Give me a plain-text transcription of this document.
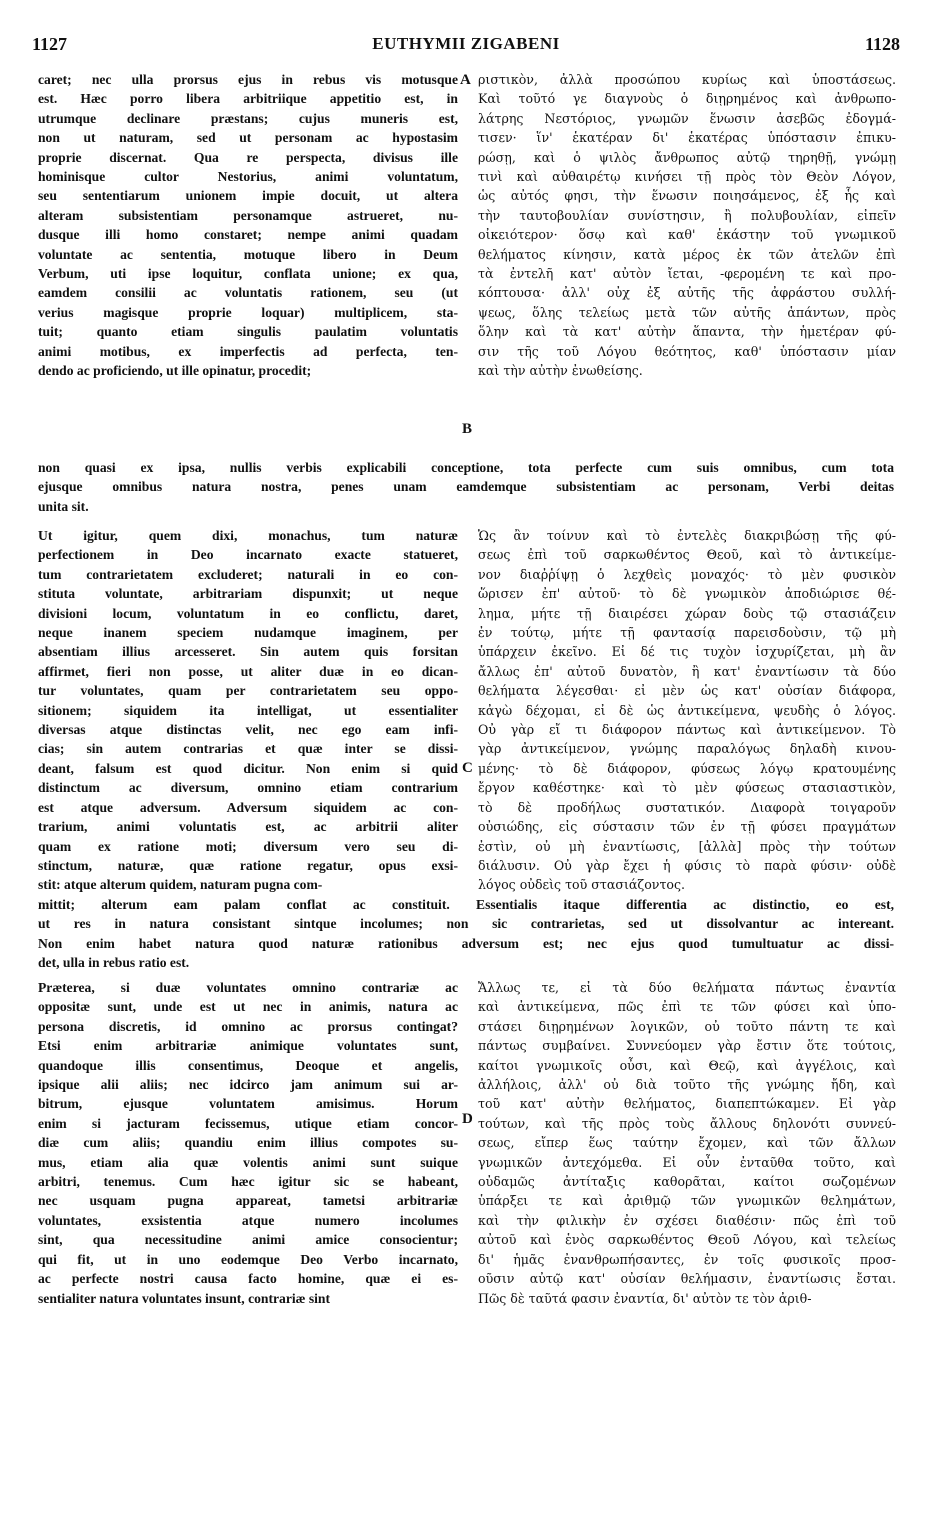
1127	EUTHYMII ZIGABENI	1128
caret; nec ulla prorsus ejus in rebus vis motusque
est. Hæc porro libera arbitriique appetitio est, in
utrumque declinare præstans; cujus muneris est,
non ut naturam, sed ut personam ac hypostasim
proprie discernat. Qua re perspecta, divisus ille
hominisque cultor Nestorius, animi voluntatum,
seu sententiarum unionem impie docuit, ut altera
alteram subsistentiam personamque astrueret, nu-
dusque illi homo constaret; nempe animi quadam
voluntate ac sententia, motuque libero in Deum
Verbum, uti ipse loquitur, conflata unione; ex qua,
eamdem consilii ac voluntatis rationem, seu (ut
verius magisque proprie loquar) multiplicem, sta-
tuit; quanto etiam singulis paulatim voluntatis
animi motibus, ex imperfectis ad perfecta, ten-
dendo ac proficiendo, ut ille opinatur, procedit;
ριστικὸν, ἀλλὰ προσώπου κυρίως καὶ ὑποστάσεως.
Καὶ τοῦτό γε διαγνοὺς ὁ διῃρημένος καὶ ἀνθρωπο-
λάτρης Νεστόριος, γνωμῶν ἕνωσιν ἀσεβῶς ἐδογμά-
τισεν· ἵν' ἑκατέραν δι' ἑκατέρας ὑπόστασιν ἐπικυ-
ρώσῃ, καὶ ὁ ψιλὸς ἄνθρωπος αὐτῷ τηρηθῇ, γνώμῃ
τινὶ καὶ αὐθαιρέτῳ κινήσει τῇ πρὸς τὸν Θεὸν Λόγον,
ὡς αὐτός φησι, τὴν ἕνωσιν ποιησάμενος, ἐξ ἧς καὶ
τὴν ταυτοβουλίαν συνίστησιν, ἢ πολυβουλίαν, εἰπεῖν
οἰκειότερον· ὅσῳ καὶ καθ' ἑκάστην τοῦ γνωμικοῦ
θελήματος κίνησιν, κατὰ μέρος ἐκ τῶν ἀτελῶν ἐπὶ
τὰ ἐντελῆ κατ' αὐτὸν ἴεται, -φερομένη τε καὶ προ-
κόπτουσα· ἀλλ' οὐχ ἐξ αὐτῆς τῆς ἀφράστου συλλή-
ψεως, ὅλης τελείως μετὰ τῶν αὐτῆς ἁπάντων, πρὸς
ὅλην καὶ τὰ κατ' αὐτὴν ἅπαντα, τὴν ἡμετέραν φύ-
σιν τῆς τοῦ Λόγου θεότητος, καθ' ὑπόστασιν μίαν
καὶ τὴν αὐτὴν ἐνωθείσης.
non quasi ex ipsa, nullis verbis explicabili conceptione, tota perfecte cum suis omnibus, cum tota
ejusque omnibus natura nostra, penes unam eamdemque subsistentiam ac personam, Verbi deitas
unita sit.
Ut igitur, quem dixi, monachus, tum naturæ
perfectionem in Deo incarnato exacte statueret,
tum contrarietatem excluderet; naturali in eo con-
stituta voluntate, arbitrariam dispunxit; ut neque
divisioni locum, voluntatum in eo conflictu, daret,
neque inanem speciem nudamque imaginem, per
absentiam illius arcesseret. Sin autem quis forsitan
affirmet, fieri non posse, ut aliter duæ in eo dican-
tur voluntates, quam per contrarietatem seu oppo-
sitionem; siquidem ita intelligat, ut essentialiter
diversas atque distinctas velit, nec ego eam infi-
cias; sin autem contrarias et quæ inter se dissi-
deant, falsum est quod dicitur. Non enim si quid
distinctum ac diversum, omnino etiam contrarium
est atque adversum. Adversum siquidem ac con-
trarium, animi voluntatis est, ac arbitrii aliter
quam ex ratione moti; diversum vero seu di-
stinctum, naturæ, quæ ratione regatur, opus exsi-
stit: atque alterum quidem, naturam pugna com-
Ὡς ἂν τοίνυν καὶ τὸ ἐντελὲς διακριβώσῃ τῆς φύ-
σεως ἐπὶ τοῦ σαρκωθέντος Θεοῦ, καὶ τὸ ἀντικείμε-
νον διαῤῥίψῃ ὁ λεχθεὶς μοναχός· τὸ μὲν φυσικὸν
ὥρισεν ἐπ' αὐτοῦ· τὸ δὲ γνωμικὸν ἀποδιώρισε θέ-
λημα, μήτε τῇ διαιρέσει χώραν δοὺς τῷ στασιάζειν
ἐν τούτῳ, μήτε τῇ φαντασίᾳ παρεισδοὺσιν, τῷ μὴ
ὑπάρχειν ἐκεῖνο. Εἰ δέ τις τυχὸν ἰσχυρίζεται, μὴ ἂν
ἄλλως ἐπ' αὐτοῦ δυνατὸν, ἢ κατ' ἐναντίωσιν τὰ δύο
θελήματα λέγεσθαι· εἰ μὲν ὡς κατ' οὐσίαν διάφορα,
κἀγὼ δέχομαι, εἰ δὲ ὡς ἀντικείμενα, ψευδὴς ὁ λόγος.
Οὐ γὰρ εἴ τι διάφορον πάντως καὶ ἀντικείμενον. Τὸ
γὰρ ἀντικείμενον, γνώμης παραλόγως δηλαδὴ κινου-
μένης· τὸ δὲ διάφορον, φύσεως λόγῳ κρατουμένης
ἔργον καθέστηκε· καὶ τὸ μὲν φύσεως στασιαστικὸν,
τὸ δὲ προδήλως συστατικόν. Διαφορὰ τοιγαροῦν
οὐσιώδης, εἰς σύστασιν τῶν ἐν τῇ φύσει πραγμάτων
ἐστὶν, οὐ μὴ ἐναντίωσις, [ἀλλὰ] πρὸς τὴν τούτων
διάλυσιν. Οὐ γὰρ ἔχει ἡ φύσις τὸ παρὰ φύσιν· οὐδὲ
λόγος οὐδεὶς τοῦ στασιάζοντος.
mittit; alterum eam palam conflat ac constituit. Essentialis itaque differentia ac distinctio, eo est,
ut res in natura consistant sintque incolumes; non sic contrarietas, sed ut dissolvantur ac intereant.
Non enim habet natura quod naturæ rationibus adversum est; nec ejus quod tumultuatur ac dissi-
det, ulla in rebus ratio est.
Præterea, si duæ voluntates omnino contrariæ ac
oppositæ sunt, unde est ut nec in animis, natura ac
persona discretis, id omnino ac prorsus contingat?
Etsi enim arbitrariæ animique voluntates sunt,
quandoque illis consentimus, Deoque et angelis,
ipsique alii aliis; nec idcirco jam animum sui ar-
bitrum, ejusque voluntatem amisimus. Horum
enim si jacturam fecissemus, utique etiam concor-
diæ cum aliis; quandiu enim illius compotes su-
mus, etiam alia quæ volentis animi sunt suique
arbitri, tenemus. Cum hæc igitur sic se habeant,
nec usquam pugna appareat, tametsi arbitrariæ
voluntates, exsistentia atque numero incolumes
sint, qua necessitudine animi amice consocientur;
qui fit, ut in uno eodemque Deo Verbo incarnato,
ac perfecte nostri causa facto homine, quæ ei es-
sentialiter natura voluntates insunt, contrariæ sint
Ἄλλως τε, εἰ τὰ δύο θελήματα πάντως ἐναντία
καὶ ἀντικείμενα, πῶς ἐπὶ τε τῶν φύσει καὶ ὑπο-
στάσει διῃρημένων λογικῶν, οὐ τοῦτο πάντη τε καὶ
πάντως συμβαίνει. Συννεύομεν γὰρ ἔστιν ὅτε τούτοις,
καίτοι γνωμικοῖς οὖσι, καὶ Θεῷ, καὶ ἀγγέλοις, καὶ
ἀλλήλοις, ἀλλ' οὐ διὰ τοῦτο τῆς γνώμης ἤδη, καὶ
τοῦ κατ' αὐτὴν θελήματος, διαπεπτώκαμεν. Εἰ γὰρ
τούτων, καὶ τῆς πρὸς τοὺς ἄλλους δηλονότι συννεύ-
σεως, εἴπερ ἕως ταύτην ἔχομεν, καὶ τῶν ἄλλων
γνωμικῶν ἀντεχόμεθα. Εἰ οὖν ἐνταῦθα τοῦτο, καὶ
οὐδαμῶς ἀντίταξις καθορᾶται, καίτοι σωζομένων
ὑπάρξει τε καὶ ἀριθμῷ τῶν γνωμικῶν θελημάτων,
καὶ τὴν φιλικὴν ἐν σχέσει διαθέσιν· πῶς ἐπὶ τοῦ
αὐτοῦ καὶ ἑνὸς σαρκωθέντος Θεοῦ Λόγου, καὶ τελείως
δι' ἡμᾶς ἐνανθρωπήσαντες, ἐν τοῖς φυσικοῖς προσ-
οῦσιν αὐτῷ κατ' οὐσίαν θελήμασιν, ἐναντίωσις ἔσται.
Πῶς δὲ ταῦτά φασιν ἐναντία, δι' αὐτὸν τε τὸν ἀριθ-
A
B
C
D
